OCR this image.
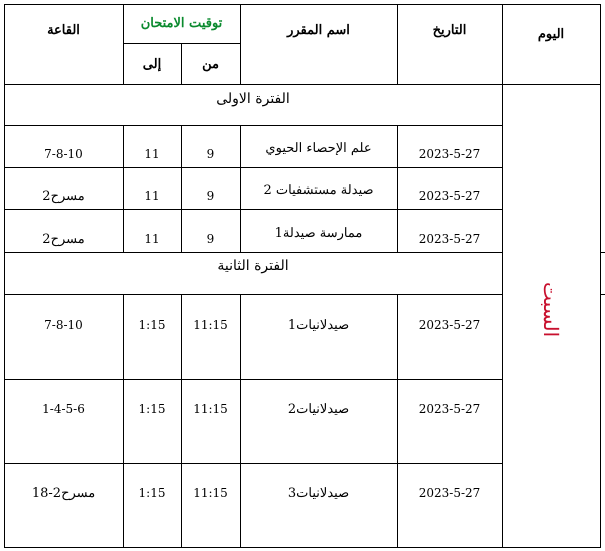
اليوم
التاريخ
اسم المقرر
توقيت الامتحان
من
إلى
القاعة
السبت
الفترة الاولى
2023-5-27
علم الإحصاء الحيوي
9
11
7-8-10
2023-5-27
صيدلة مستشفيات 2
9
11
مسرح2
2023-5-27
ممارسة صيدلة1
9
11
مسرح2
الفترة الثانية
2023-5-27
صيدلانيات1
11:15
1:15
7-8-10
2023-5-27
صيدلانيات2
11:15
1:15
1-4-5-6
2023-5-27
صيدلانيات3
11:15
1:15
مسرح2-18
